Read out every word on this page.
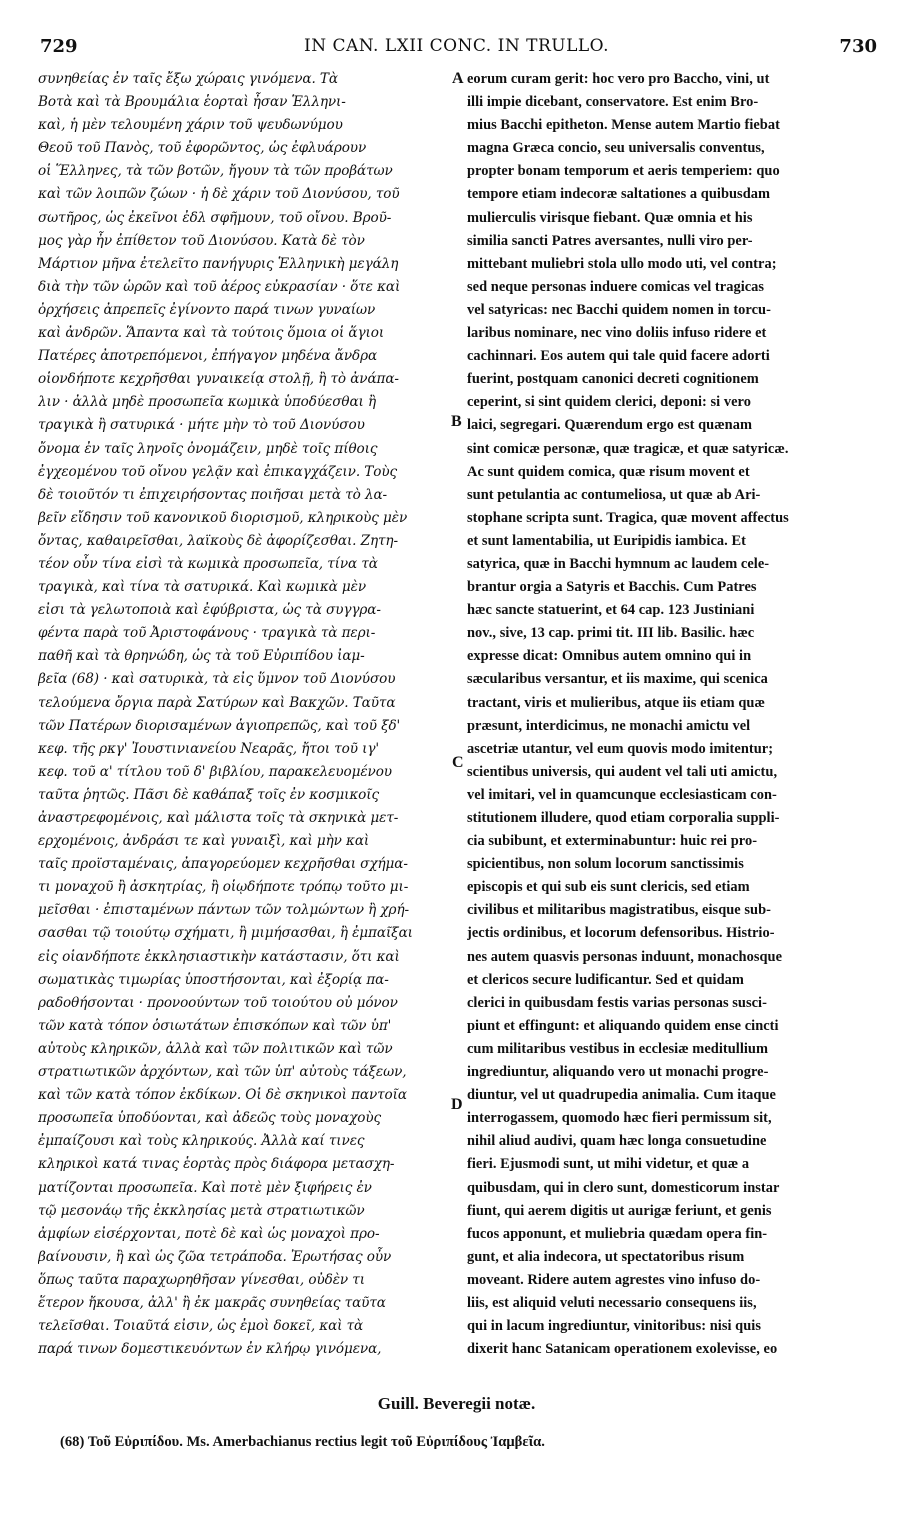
729	IN CAN. LXII CONC. IN TRULLO.	730
συνηθείας ἐν ταῖς ἔξω χώραις γινόμενα. Τὰ
Βοτὰ καὶ τὰ Βρουμάλια ἑορταὶ ἦσαν Ἑλληνι-
καὶ, ἡ μὲν τελουμένη χάριν τοῦ ψευδωνύμου
Θεοῦ τοῦ Πανὸς, τοῦ ἐφορῶντος, ὡς ἐφλυάρουν
οἱ Ἕλληνες, τὰ τῶν βοτῶν, ἤγουν τὰ τῶν προβάτων
καὶ τῶν λοιπῶν ζώων · ἡ δὲ χάριν τοῦ Διονύσου, τοῦ
σωτῆρος, ὡς ἐκεῖνοι ἐδλ σφῆμουν, τοῦ οἴνου. Βροῦ-
μος γὰρ ἦν ἐπίθετον τοῦ Διονύσου. Κατὰ δὲ τὸν
Μάρτιον μῆνα ἐτελεῖτο πανήγυρις Ἑλληνικὴ μεγάλη
διὰ τὴν τῶν ὡρῶν καὶ τοῦ ἀέρος εὐκρασίαν · ὅτε καὶ
ὀρχήσεις ἀπρεπεῖς ἐγίνοντο παρά τινων γυναίων
καὶ ἀνδρῶν. Ἅπαντα καὶ τὰ τούτοις ὅμοια οἱ ἅγιοι
Πατέρες ἀποτρεπόμενοι, ἐπήγαγον μηδένα ἄνδρα
οἱονδήποτε κεχρῆσθαι γυναικείᾳ στολῇ, ἢ τὸ ἀνάπα-
λιν · ἀλλὰ μηδὲ προσωπεῖα κωμικὰ ὑποδύεσθαι ἢ
τραγικὰ ἢ σατυρικά · μήτε μὴν τὸ τοῦ Διονύσου
ὄνομα ἐν ταῖς ληνοῖς ὀνομάζειν, μηδὲ τοῖς πίθοις
ἐγχεομένου τοῦ οἴνου γελᾷν καὶ ἐπικαγχάζειν. Τοὺς
δὲ τοιοῦτόν τι ἐπιχειρήσοντας ποιῆσαι μετὰ τὸ λα-
βεῖν εἴδησιν τοῦ κανονικοῦ διορισμοῦ, κληρικοὺς μὲν
ὄντας, καθαιρεῖσθαι, λαϊκοὺς δὲ ἀφορίζεσθαι. Ζητη-
τέον οὖν τίνα εἰσὶ τὰ κωμικὰ προσωπεῖα, τίνα τὰ
τραγικὰ, καὶ τίνα τὰ σατυρικά. Καὶ κωμικὰ μὲν
εἰσι τὰ γελωτοποιὰ καὶ ἐφύβριστα, ὡς τὰ συγγρα-
φέντα παρὰ τοῦ Ἀριστοφάνους · τραγικὰ τὰ περι-
παθῆ καὶ τὰ θρηνώδη, ὡς τὰ τοῦ Εὐριπίδου ἰαμ-
βεῖα (68) · καὶ σατυρικὰ, τὰ εἰς ὕμνον τοῦ Διονύσου
τελούμενα ὄργια παρὰ Σατύρων καὶ Βακχῶν. Ταῦτα
τῶν Πατέρων διορισαμένων ἁγιοπρεπῶς, καὶ τοῦ ξδ'
κεφ. τῆς ρκγ' Ἰουστινιανείου Νεαρᾶς, ἤτοι τοῦ ιγ'
κεφ. τοῦ α' τίτλου τοῦ δ' βιβλίου, παρακελευομένου
ταῦτα ῥητῶς. Πᾶσι δὲ καθάπαξ τοῖς ἐν κοσμικοῖς
ἀναστρεφομένοις, καὶ μάλιστα τοῖς τὰ σκηνικὰ μετ-
ερχομένοις, ἀνδράσι τε καὶ γυναιξὶ, καὶ μὴν καὶ
ταῖς προϊσταμέναις, ἀπαγορεύομεν κεχρῆσθαι σχήμα-
τι μοναχοῦ ἢ ἀσκητρίας, ἢ οἱῳδήποτε τρόπῳ τοῦτο μι-
μεῖσθαι · ἐπισταμένων πάντων τῶν τολμώντων ἢ χρή-
σασθαι τῷ τοιούτῳ σχήματι, ἢ μιμήσασθαι, ἢ ἐμπαῖξαι
εἰς οἱανδήποτε ἐκκλησιαστικὴν κατάστασιν, ὅτι καὶ
σωματικὰς τιμωρίας ὑποστήσονται, καὶ ἐξορίᾳ πα-
ραδοθήσονται · προνοούντων τοῦ τοιούτου οὐ μόνον
τῶν κατὰ τόπον ὁσιωτάτων ἐπισκόπων καὶ τῶν ὑπ'
αὐτοὺς κληρικῶν, ἀλλὰ καὶ τῶν πολιτικῶν καὶ τῶν
στρατιωτικῶν ἀρχόντων, καὶ τῶν ὑπ' αὐτοὺς τάξεων,
καὶ τῶν κατὰ τόπον ἐκδίκων. Οἱ δὲ σκηνικοὶ παντοῖα
προσωπεῖα ὑποδύονται, καὶ ἀδεῶς τοὺς μοναχοὺς
ἐμπαίζουσι καὶ τοὺς κληρικούς. Ἀλλὰ καί τινες
κληρικοὶ κατά τινας ἑορτὰς πρὸς διάφορα μετασχη-
ματίζονται προσωπεῖα. Καὶ ποτὲ μὲν ξιφήρεις ἐν
τῷ μεσονάῳ τῆς ἐκκλησίας μετὰ στρατιωτικῶν
ἀμφίων εἰσέρχονται, ποτὲ δὲ καὶ ὡς μοναχοὶ προ-
βαίνουσιν, ἢ καὶ ὡς ζῶα τετράποδα. Ἐρωτήσας οὖν
ὅπως ταῦτα παραχωρηθῆσαν γίνεσθαι, οὐδὲν τι
ἕτερον ἤκουσα, ἀλλ' ἢ ἐκ μακρᾶς συνηθείας ταῦτα
τελεῖσθαι. Τοιαῦτά εἰσιν, ὡς ἐμοὶ δοκεῖ, καὶ τὰ
παρά τινων δομεστικευόντων ἐν κλήρῳ γινόμενα,
A
B
C
D
eorum curam gerit: hoc vero pro Baccho, vini, ut
illi impie dicebant, conservatore. Est enim Bro-
mius Bacchi epitheton. Mense autem Martio fiebat
magna Græca concio, seu universalis conventus,
propter bonam temporum et aeris temperiem: quo
tempore etiam indecoræ saltationes a quibusdam
mulierculis virisque fiebant. Quæ omnia et his
similia sancti Patres aversantes, nulli viro per-
mittebant muliebri stola ullo modo uti, vel contra;
sed neque personas induere comicas vel tragicas
vel satyricas: nec Bacchi quidem nomen in torcu-
laribus nominare, nec vino doliis infuso ridere et
cachinnari. Eos autem qui tale quid facere adorti
fuerint, postquam canonici decreti cognitionem
ceperint, si sint quidem clerici, deponi: si vero
laici, segregari. Quærendum ergo est quænam
sint comicæ personæ, quæ tragicæ, et quæ satyricæ.
Ac sunt quidem comica, quæ risum movent et
sunt petulantia ac contumeliosa, ut quæ ab Ari-
stophane scripta sunt. Tragica, quæ movent affectus
et sunt lamentabilia, ut Euripidis iambica. Et
satyrica, quæ in Bacchi hymnum ac laudem cele-
brantur orgia a Satyris et Bacchis. Cum Patres
hæc sancte statuerint, et 64 cap. 123 Justiniani
nov., sive, 13 cap. primi tit. III lib. Basilic. hæc
expresse dicat: Omnibus autem omnino qui in
sæcularibus versantur, et iis maxime, qui scenica
tractant, viris et mulieribus, atque iis etiam quæ
præsunt, interdicimus, ne monachi amictu vel
ascetriæ utantur, vel eum quovis modo imitentur;
scientibus universis, qui audent vel tali uti amictu,
vel imitari, vel in quamcunque ecclesiasticam con-
stitutionem illudere, quod etiam corporalia suppli-
cia subibunt, et exterminabuntur: huic rei pro-
spicientibus, non solum locorum sanctissimis
episcopis et qui sub eis sunt clericis, sed etiam
civilibus et militaribus magistratibus, eisque sub-
jectis ordinibus, et locorum defensoribus. Histrio-
nes autem quasvis personas induunt, monachosque
et clericos secure ludificantur. Sed et quidam
clerici in quibusdam festis varias personas susci-
piunt et effingunt: et aliquando quidem ense cincti
cum militaribus vestibus in ecclesiæ meditullium
ingrediuntur, aliquando vero ut monachi progre-
diuntur, vel ut quadrupedia animalia. Cum itaque
interrogassem, quomodo hæc fieri permissum sit,
nihil aliud audivi, quam hæc longa consuetudine
fieri. Ejusmodi sunt, ut mihi videtur, et quæ a
quibusdam, qui in clero sunt, domesticorum instar
fiunt, qui aerem digitis ut aurigæ feriunt, et genis
fucos apponunt, et muliebria quædam opera fin-
gunt, et alia indecora, ut spectatoribus risum
moveant. Ridere autem agrestes vino infuso do-
liis, est aliquid veluti necessario consequens iis,
qui in lacum ingrediuntur, vinitoribus: nisi quis
dixerit hanc Satanicam operationem exolevisse, eo
Guill. Beveregii notæ.
(68) Τοῦ Εὐριπίδου. Ms. Amerbachianus rectius legit τοῦ Εὐριπίδους Ἰαμβεῖα.
